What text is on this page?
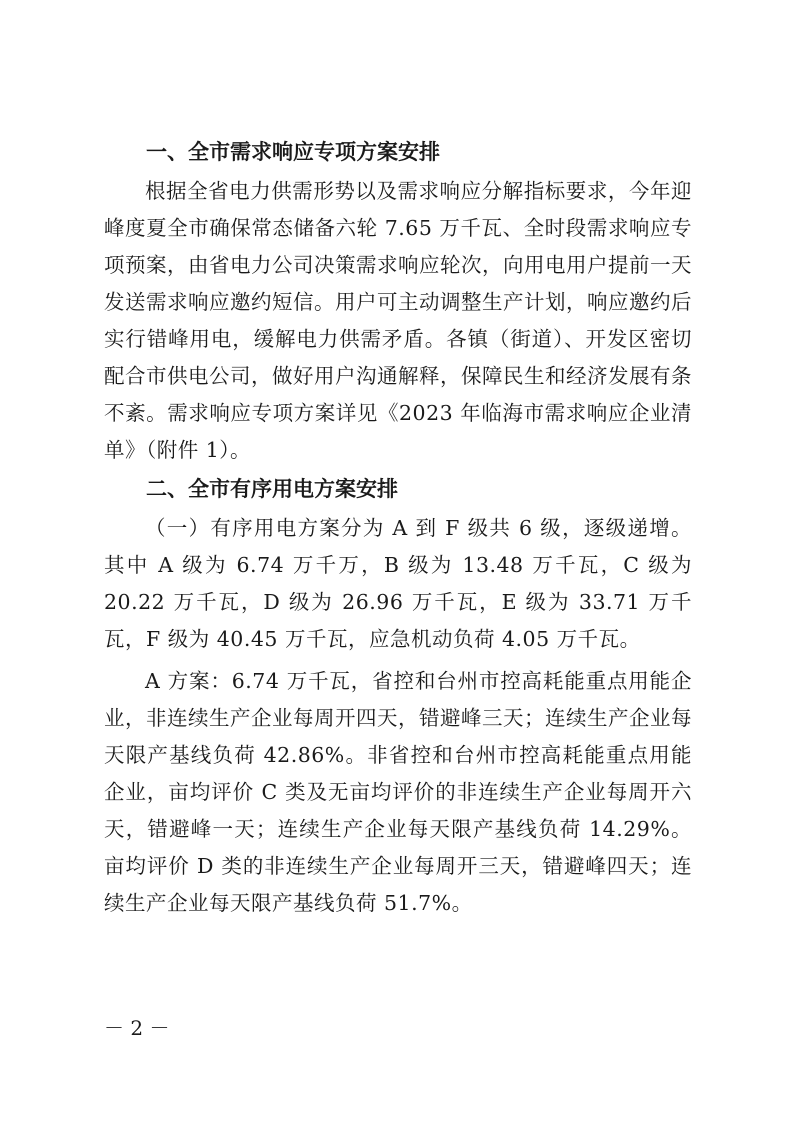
一、全市需求响应专项方案安排

根据全省电力供需形势以及需求响应分解指标要求，今年迎峰度夏全市确保常态储备六轮 7.65 万千瓦、全时段需求响应专项预案，由省电力公司决策需求响应轮次，向用电用户提前一天发送需求响应邀约短信。用户可主动调整生产计划，响应邀约后实行错峰用电，缓解电力供需矛盾。各镇（街道）、开发区密切配合市供电公司，做好用户沟通解释，保障民生和经济发展有条不紊。需求响应专项方案详见《2023 年临海市需求响应企业清单》（附件 1）。

二、全市有序用电方案安排

（一）有序用电方案分为 A 到 F 级共 6 级，逐级递增。其中 A 级为 6.74 万千万，B 级为 13.48 万千瓦，C 级为 20.22 万千瓦，D 级为 26.96 万千瓦，E 级为 33.71 万千瓦，F 级为 40.45 万千瓦，应急机动负荷 4.05 万千瓦。

A 方案：6.74 万千瓦，省控和台州市控高耗能重点用能企业，非连续生产企业每周开四天，错避峰三天；连续生产企业每天限产基线负荷 42.86%。非省控和台州市控高耗能重点用能企业，亩均评价 C 类及无亩均评价的非连续生产企业每周开六天，错避峰一天；连续生产企业每天限产基线负荷 14.29%。亩均评价 D 类的非连续生产企业每周开三天，错避峰四天；连续生产企业每天限产基线负荷 51.7%。

－ 2 －
